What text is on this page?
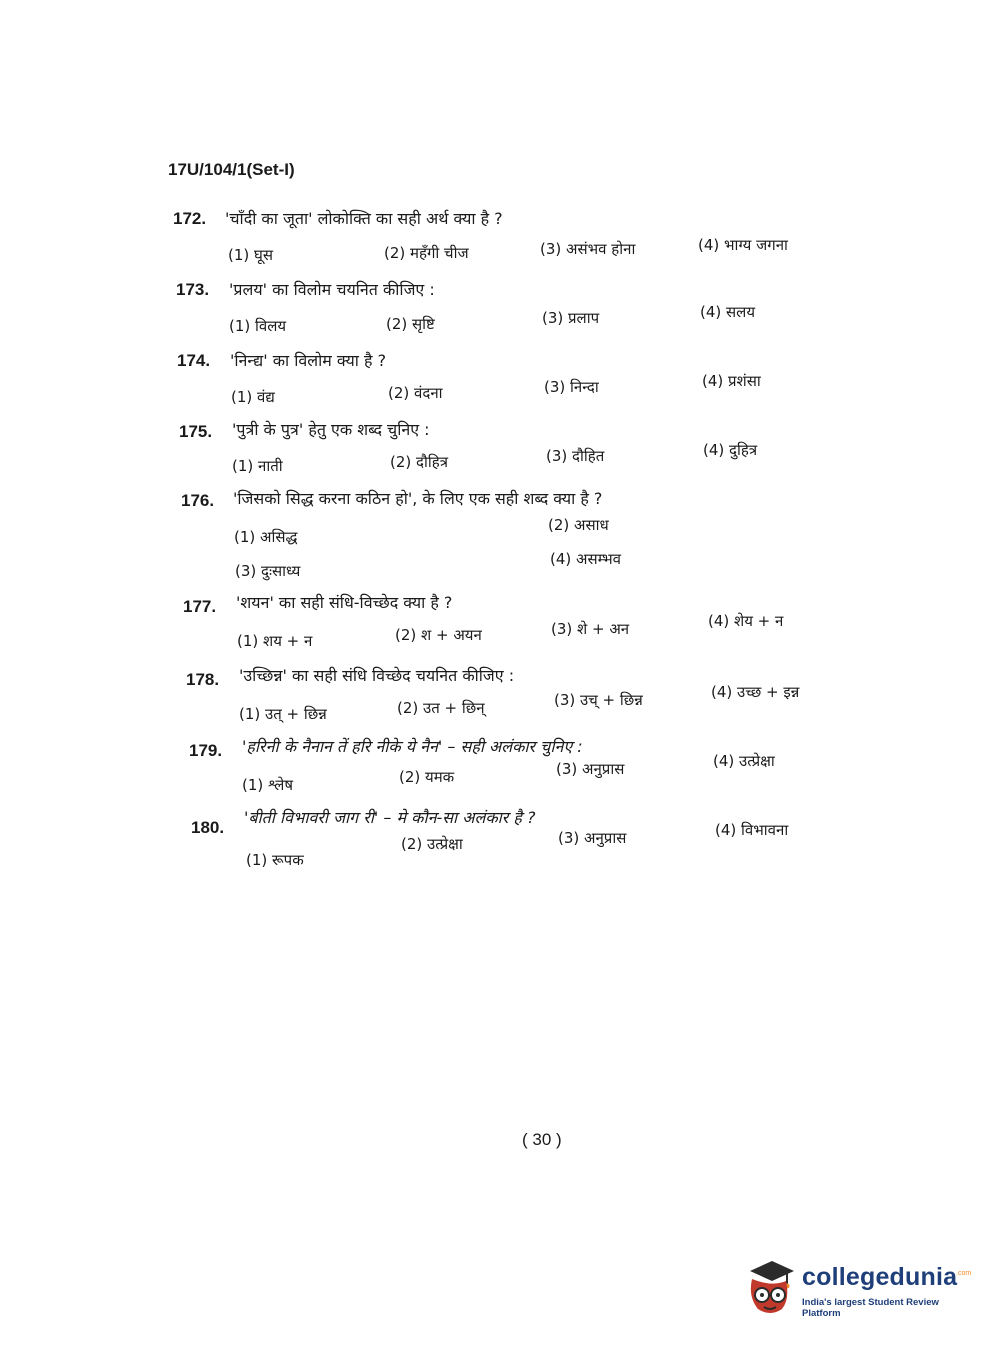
17U/104/1(Set-I)
172. 'चाँदी का जूता' लोकोक्ति का सही अर्थ क्या है ?
(1) घूस	(2) महँगी चीज	(3) असंभव होना	(4) भाग्य जगना
173. 'प्रलय' का विलोम चयनित कीजिए :
(1) विलय	(2) सृष्टि	(3) प्रलाप	(4) सलय
174. 'निन्द्य' का विलोम क्या है ?
(1) वंद्य	(2) वंदना	(3) निन्दा	(4) प्रशंसा
175. 'पुत्री के पुत्र' हेतु एक शब्द चुनिए :
(1) नाती	(2) दौहित्र	(3) दौहित	(4) दुहित्र
176. 'जिसको सिद्ध करना कठिन हो', के लिए एक सही शब्द क्या है ?
(1) असिद्ध
(2) असाध
(3) दुःसाध्य
(4) असम्भव
177. 'शयन' का सही संधि-विच्छेद क्या है ?
(1) शय + न	(2) श + अयन	(3) शे + अन	(4) शेय + न
178. 'उच्छिन्न' का सही संधि विच्छेद चयनित कीजिए :
(1) उत् + छिन्न	(2) उत + छिन्	(3) उच् + छिन्न	(4) उच्छ + इन्न
179. 'हरिनी के नैनान तें हरि नीके ये नैन' – सही अलंकार चुनिए :
(1) श्लेष	(2) यमक	(3) अनुप्रास	(4) उत्प्रेक्षा
180.
'बीती विभावरी जाग री' – मे कौन-सा अलंकार है ?
(1) रूपक
(2) उत्प्रेक्षा	(3) अनुप्रास	(4) विभावना
( 30 )
collegedunia
.com
India's largest Student Review Platform
